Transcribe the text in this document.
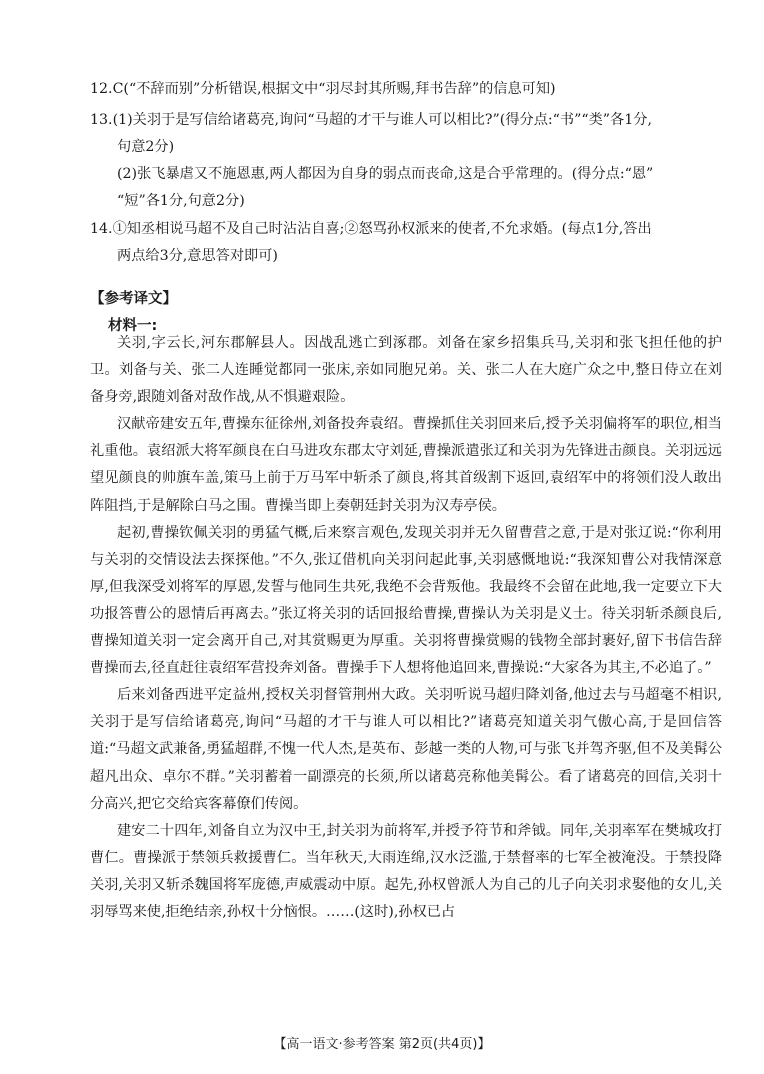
12.C(“不辞而别”分析错误,根据文中“羽尽封其所赐,拜书告辞”的信息可知)
13.(1)关羽于是写信给诸葛亮,询问“马超的才干与谁人可以相比?”(得分点:“书”“类”各1分,
句意2分)
(2)张飞暴虐又不施恩惠,两人都因为自身的弱点而丧命,这是合乎常理的。(得分点:“恩”
“短”各1分,句意2分)
14.①知丞相说马超不及自己时沾沾自喜;②怒骂孙权派来的使者,不允求婚。(每点1分,答出
两点给3分,意思答对即可)
【参考译文】
材料一:

关羽,字云长,河东郡解县人。因战乱逃亡到涿郡。刘备在家乡招集兵马,关羽和张飞担任他的护卫。刘备与关、张二人连睡觉都同一张床,亲如同胞兄弟。关、张二人在大庭广众之中,整日侍立在刘备身旁,跟随刘备对敌作战,从不惧避艰险。

汉献帝建安五年,曹操东征徐州,刘备投奔袁绍。曹操抓住关羽回来后,授予关羽偏将军的职位,相当礼重他。袁绍派大将军颜良在白马进攻东郡太守刘延,曹操派遣张辽和关羽为先锋进击颜良。关羽远远望见颜良的帅旗车盖,策马上前于万马军中斩杀了颜良,将其首级割下返回,袁绍军中的将领们没人敢出阵阻挡,于是解除白马之围。曹操当即上奏朝廷封关羽为汉寿亭侯。

起初,曹操钦佩关羽的勇猛气概,后来察言观色,发现关羽并无久留曹营之意,于是对张辽说:“你利用与关羽的交情设法去探探他。”不久,张辽借机向关羽问起此事,关羽感慨地说:“我深知曹公对我情深意厚,但我深受刘将军的厚恩,发誓与他同生共死,我绝不会背叛他。我最终不会留在此地,我一定要立下大功报答曹公的恩情后再离去。”张辽将关羽的话回报给曹操,曹操认为关羽是义士。待关羽斩杀颜良后,曹操知道关羽一定会离开自己,对其赏赐更为厚重。关羽将曹操赏赐的钱物全部封裹好,留下书信告辞曹操而去,径直赶往袁绍军营投奔刘备。曹操手下人想将他追回来,曹操说:“大家各为其主,不必追了。”

后来刘备西进平定益州,授权关羽督管荆州大政。关羽听说马超归降刘备,他过去与马超毫不相识,关羽于是写信给诸葛亮,询问“马超的才干与谁人可以相比?”诸葛亮知道关羽气傲心高,于是回信答道:“马超文武兼备,勇猛超群,不愧一代人杰,是英布、彭越一类的人物,可与张飞并驾齐驱,但不及美髯公超凡出众、卓尔不群。”关羽蓄着一副漂亮的长须,所以诸葛亮称他美髯公。看了诸葛亮的回信,关羽十分高兴,把它交给宾客幕僚们传阅。

建安二十四年,刘备自立为汉中王,封关羽为前将军,并授予符节和斧钺。同年,关羽率军在樊城攻打曹仁。曹操派于禁领兵救援曹仁。当年秋天,大雨连绵,汉水泛滥,于禁督率的七军全被淹没。于禁投降关羽,关羽又斩杀魏国将军庞德,声威震动中原。起先,孙权曾派人为自己的儿子向关羽求娶他的女儿,关羽辱骂来使,拒绝结亲,孙权十分恼恨。……(这时),孙权已占

【高一语文·参考答案 第2页(共4页)】
